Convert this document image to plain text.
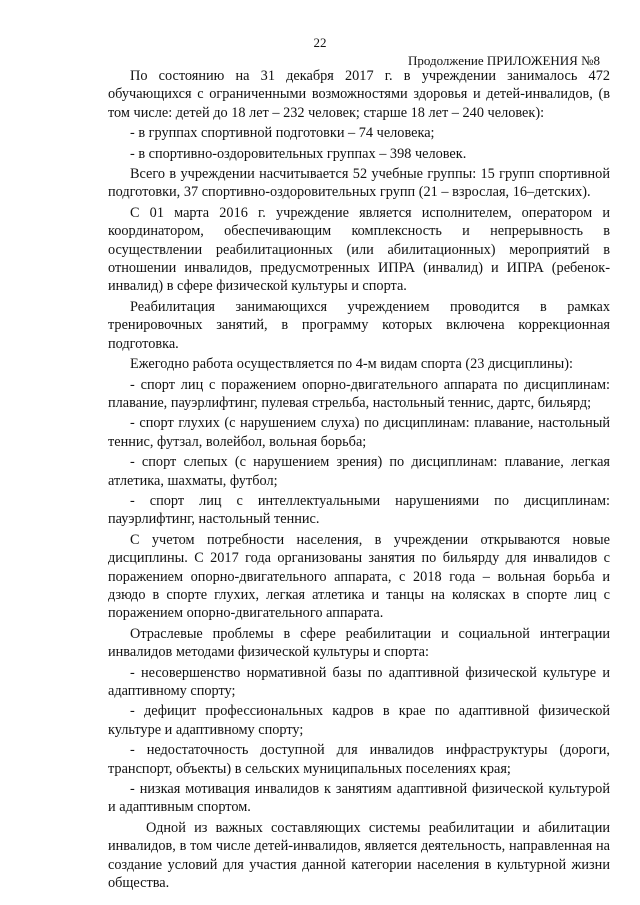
22
Продолжение ПРИЛОЖЕНИЯ №8

По состоянию на 31 декабря 2017 г. в учреждении занималось 472 обучающихся с ограниченными возможностями здоровья и детей-инвалидов, (в том числе: детей до 18 лет – 232 человек; старше 18 лет – 240 человек):

- в группах спортивной подготовки – 74 человека;

- в спортивно-оздоровительных группах – 398 человек.

Всего в учреждении насчитывается 52 учебные группы: 15 групп спортивной подготовки, 37 спортивно-оздоровительных групп (21 – взрослая, 16–детских).

С 01 марта 2016 г. учреждение является исполнителем, оператором и координатором, обеспечивающим комплексность и непрерывность в осуществлении реабилитационных (или абилитационных) мероприятий в отношении инвалидов, предусмотренных ИПРА (инвалид) и ИПРА (ребенок-инвалид) в сфере физической культуры и спорта.

Реабилитация занимающихся учреждением проводится в рамках тренировочных занятий, в программу которых включена коррекционная подготовка.

Ежегодно работа осуществляется по 4-м видам спорта (23 дисциплины):

- спорт лиц с поражением опорно-двигательного аппарата по дисциплинам: плавание, пауэрлифтинг, пулевая стрельба, настольный теннис, дартс, бильярд;

- спорт глухих (с нарушением слуха) по дисциплинам: плавание, настольный теннис, футзал, волейбол, вольная борьба;

- спорт слепых (с нарушением зрения) по дисциплинам: плавание, легкая атлетика, шахматы, футбол;

- спорт лиц с интеллектуальными нарушениями по дисциплинам: пауэрлифтинг, настольный теннис.

С учетом потребности населения, в учреждении открываются новые дисциплины. С 2017 года организованы занятия по бильярду для инвалидов с поражением опорно-двигательного аппарата, с 2018 года – вольная борьба и дзюдо в спорте глухих, легкая атлетика и танцы на колясках в спорте лиц с поражением опорно-двигательного аппарата.

Отраслевые проблемы в сфере реабилитации и социальной интеграции инвалидов методами физической культуры и спорта:

- несовершенство нормативной базы по адаптивной физической культуре и адаптивному спорту;

- дефицит профессиональных кадров в крае по адаптивной физической культуре и адаптивному спорту;

- недостаточность доступной для инвалидов инфраструктуры (дороги, транспорт, объекты) в сельских муниципальных поселениях края;

- низкая мотивация инвалидов к занятиям адаптивной физической культурой и адаптивным спортом.

Одной из важных составляющих системы реабилитации и абилитации инвалидов, в том числе детей-инвалидов, является деятельность, направленная на создание условий для участия данной категории населения в культурной жизни общества.
